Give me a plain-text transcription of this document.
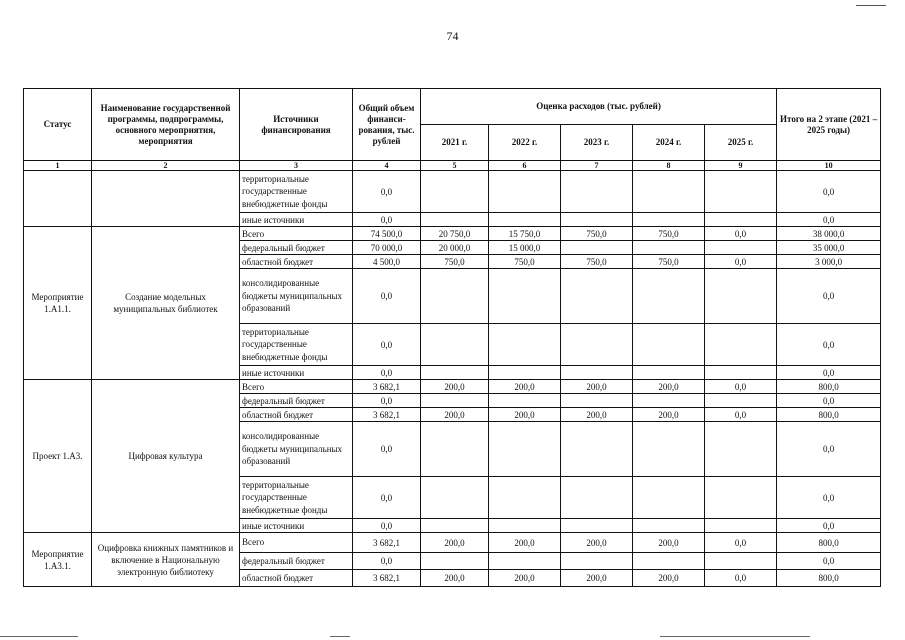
74
Статус	Наименование государственной программы, подпрограммы, основного мероприятия, мероприятия	Источники финансирования	Общий объем финанси-рования, тыс. рублей	Оценка расходов (тыс. рублей)					Итого на 2 этапе (2021 – 2025 годы)
				2021 г.	2022 г.	2023 г.	2024 г.	2025 г.	
1	2	3	4	5	6	7	8	9	10
		территориальные государственные внебюджетные фонды	0,0						0,0
		иные источники	0,0						0,0
Мероприятие 1.А1.1.	Создание модельных муниципальных библиотек	Всего	74 500,0	20 750,0	15 750,0	750,0	750,0	0,0	38 000,0
		федеральный бюджет	70 000,0	20 000,0	15 000,0				35 000,0
		областной бюджет	4 500,0	750,0	750,0	750,0	750,0	0,0	3 000,0
		консолидированные бюджеты муниципальных образований	0,0						0,0
		территориальные государственные внебюджетные фонды	0,0						0,0
		иные источники	0,0						0,0
Проект 1.А3.	Цифровая культура	Всего	3 682,1	200,0	200,0	200,0	200,0	0,0	800,0
		федеральный бюджет	0,0						0,0
		областной бюджет	3 682,1	200,0	200,0	200,0	200,0	0,0	800,0
		консолидированные бюджеты муниципальных образований	0,0						0,0
		территориальные государственные внебюджетные фонды	0,0						0,0
		иные источники	0,0						0,0
Мероприятие 1.А3.1.	Оцифровка книжных памятников и включение в Национальную электронную библиотеку	Всего	3 682,1	200,0	200,0	200,0	200,0	0,0	800,0
		федеральный бюджет	0,0						0,0
		областной бюджет	3 682,1	200,0	200,0	200,0	200,0	0,0	800,0
